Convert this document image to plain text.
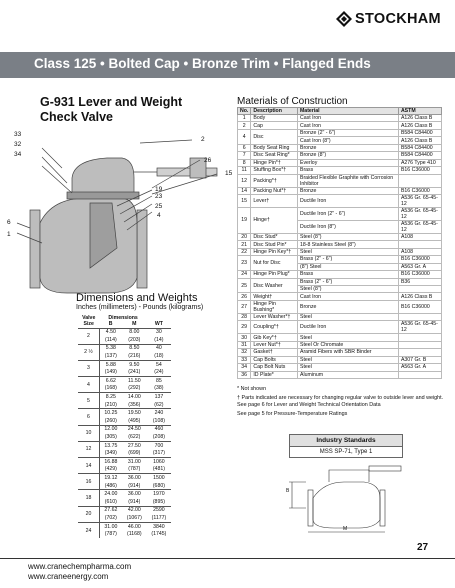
STOCKHAM
Class 125 • Bolted Cap • Bronze Trim • Flanged Ends
G-931 Lever and Weight
Check Valve
33
32
34
2
26
15
19
23
25
4
6
1
Dimensions and Weights
Inches (millimeters) - Pounds (kilograms)
Valve	Dimensions		
Size	B	M	WT
2	4.50	8.00	30
	(114)	(203)	(14)
2 ½	5.38	8.50	40
	(137)	(216)	(18)
3	5.88	9.50	54
	(149)	(241)	(24)
4	6.62	11.50	85
	(168)	(292)	(38)
5	8.25	14.00	137
	(210)	(356)	(62)
6	10.25	19.50	240
	(260)	(495)	(108)
10	12.00	24.50	460
	(305)	(622)	(208)
12	13.75	27.50	700
	(349)	(699)	(317)
14	16.88	31.00	1060
	(429)	(787)	(481)
16	19.12	36.00	1500
	(486)	(914)	(680)
18	24.00	36.00	1970
	(610)	(914)	(895)
20	27.62	42.00	2590
	(702)	(1067)	(1177)
24	31.00	46.00	3840
	(787)	(1168)	(1745)
Materials of Construction
No.	Description	Material	ASTM
1	Body	Cast Iron	A126 Class B
2	Cap	Cast Iron	A126 Class B
4	Disc	Bronze (2" - 6")	B584 C84400
		Cast Iron (8")	A126 Class B
6	Body Seat Ring	Bronze	B584 C84400
7	Disc Seat Ring*	Bronze (8")	B584 C84400
8	Hinge Pin*†	Everloy	A276 Type 410
11	Stuffing Box*†	Brass	B16 C36000
12	Packing*†	Braided Flexible Graphite with Corrosion Inhibitor	
14	Packing Nut*†	Bronze	B16 C36000
15	Lever†	Ductile Iron	A536 Gr. 65-45-12
19	Hinge†	Ductile Iron (2" - 6")	A536 Gr. 65-45-12
		Ductile Iron (8")	A536 Gr. 65-45-12
20	Disc Stud*	Steel (8")	A108
21	Disc Stud Pin*	18-8 Stainless Steel (8")	
22	Hinge Pin Key*†	Steel	A108
23	Nut for Disc	Brass (2" - 6")	B16 C36000
		(8") Steel	A563 Gr. A
24	Hinge Pin Plug*	Brass	B16 C36000
25	Disc Washer	Brass (2" - 6")	B36
		Steel (8")	
26	Weight†	Cast Iron	A126 Class B
27	Hinge Pin Bushing*	Bronze	B16 C36000
28	Lever Washer*†	Steel	
29	Coupling*†	Ductile Iron	A536 Gr. 65-45-12
30	Gib Key*†	Steel	
31	Lever Nut*†	Steel Or Chromate	
32	Gasket†	Aramid Fibers with SBR Binder	
33	Cap Bolts	Steel	A307 Gr. B
34	Cap Bolt Nuts	Steel	A563 Gr. A
36	ID Plate*	Aluminum	

* Not shown

† Parts indicated are necessary for changing regular valve to outside lever and weight. See page 6 for Lever and Weight Technical Orientation Data

See page 5 for Pressure-Temperature Ratings

Industry Standards
MSS SP-71, Type 1
B
M
27
www.cranechempharma.com
www.craneenergy.com
